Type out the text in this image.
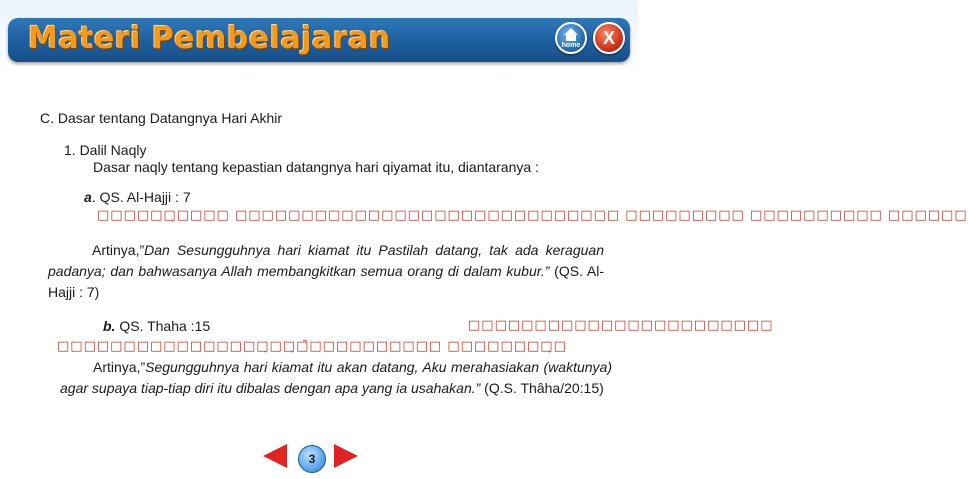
Materi Pembelajaran	home	X
C. Dasar tentang Datangnya Hari Akhir
1. Dalil Naqly
Dasar naqly tentang kepastian datangnya hari qiyamat itu, diantaranya :
a. QS. Al-Hajji : 7
□□□□□□̣□□□□ □□□□□□□□□□□□□□□□□□□□□□□□□□□□□ □□□□□□□□□ □□□□□□□□□□ □□□□□□
Artinya,”Dan Sesungguhnya hari kiamat itu Pastilah datang, tak ada keraguan padanya; dan bahwasanya Allah membangkitkan semua orang di dalam kubur.” (QS. Al-Hajji : 7)
b. QS. Thaha :15	□□□□□□□□□□□□□□□□□□□□□□□
□□□□□□□□□□□□□□□□̣□□̣□̃□□□□□□□□□□ □□□□□□□□̣□
Artinya,”Segungguhnya hari kiamat itu akan datang, Aku merahasiakan (waktunya) agar supaya tiap-tiap diri itu dibalas dengan apa yang ia usahakan.” (Q.S. Thâha/20:15)
3
